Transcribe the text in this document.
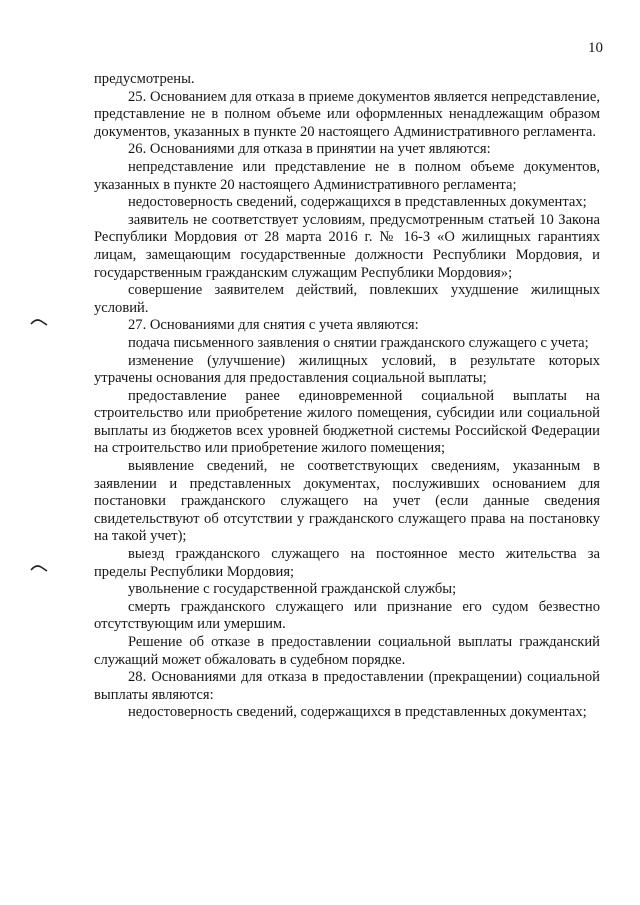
10

предусмотрены.

25. Основанием для отказа в приеме документов является непредставление, представление не в полном объеме или оформленных ненадлежащим образом документов, указанных в пункте 20 настоящего Административного регламента.

26. Основаниями для отказа в принятии на учет являются:

непредставление или представление не в полном объеме документов, указанных в пункте 20 настоящего Административного регламента;

недостоверность сведений, содержащихся в представленных документах;

заявитель не соответствует условиям, предусмотренным статьей 10 Закона Республики Мордовия от 28 марта 2016 г. № 16-З «О жилищных гарантиях лицам, замещающим государственные должности Республики Мордовия, и государственным гражданским служащим Республики Мордовия»;

совершение заявителем действий, повлекших ухудшение жилищных условий.

27. Основаниями для снятия с учета являются:

подача письменного заявления о снятии гражданского служащего с учета;

изменение (улучшение) жилищных условий, в результате которых утрачены основания для предоставления социальной выплаты;

предоставление ранее единовременной социальной выплаты на строительство или приобретение жилого помещения, субсидии или социальной выплаты из бюджетов всех уровней бюджетной системы Российской Федерации на строительство или приобретение жилого помещения;

выявление сведений, не соответствующих сведениям, указанным в заявлении и представленных документах, послуживших основанием для постановки гражданского служащего на учет (если данные сведения свидетельствуют об отсутствии у гражданского служащего права на постановку на такой учет);

выезд гражданского служащего на постоянное место жительства за пределы Республики Мордовия;

увольнение с государственной гражданской службы;

смерть гражданского служащего или признание его судом безвестно отсутствующим или умершим.

Решение об отказе в предоставлении социальной выплаты гражданский служащий может обжаловать в судебном порядке.

28. Основаниями для отказа в предоставлении (прекращении) социальной выплаты являются:

недостоверность сведений, содержащихся в представленных документах;
